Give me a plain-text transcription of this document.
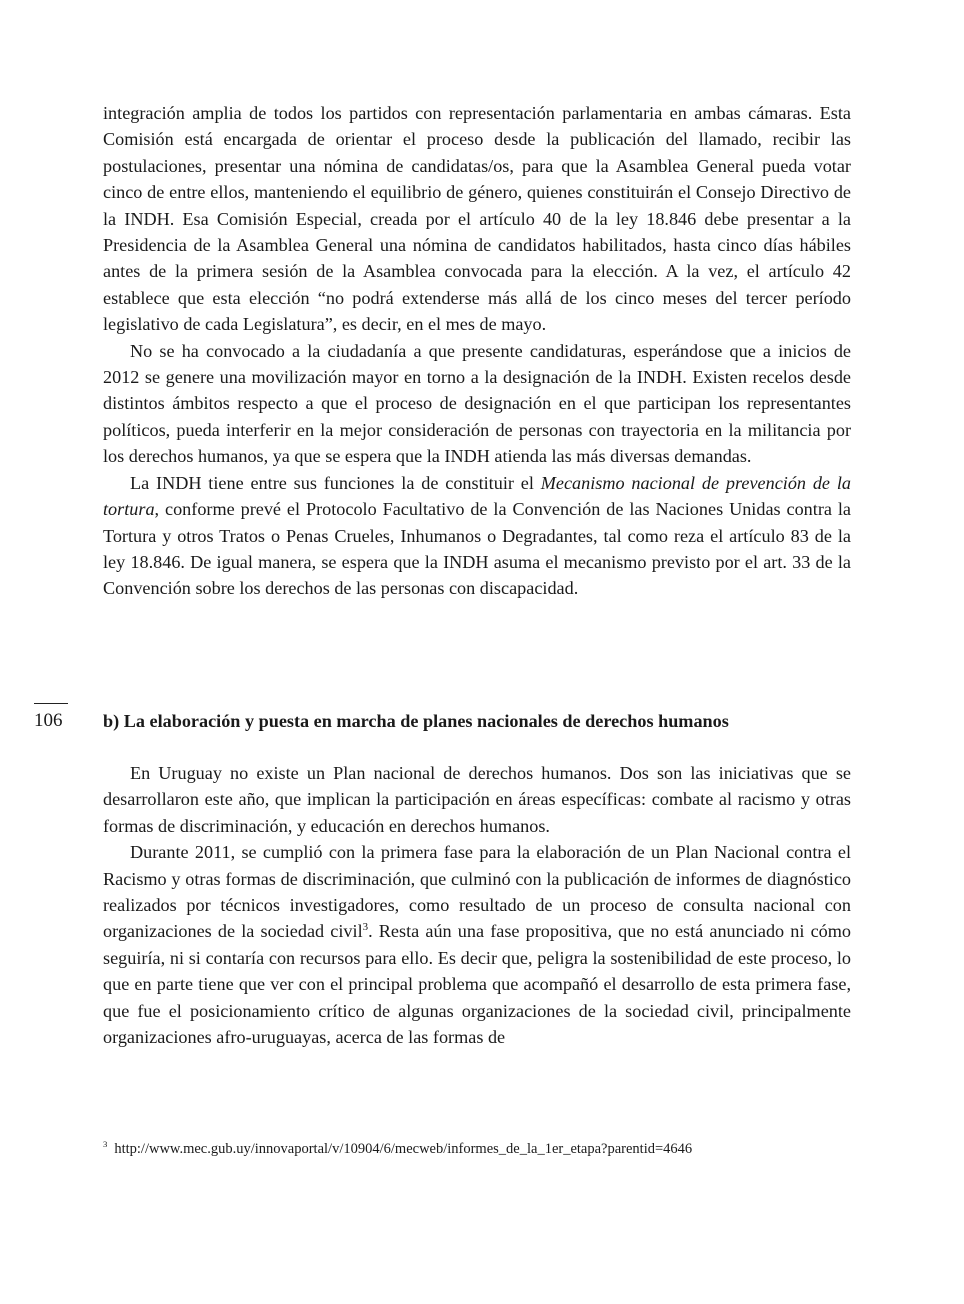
106

integración amplia de todos los partidos con representación parlamentaria en ambas cámaras. Esta Comisión está encargada de orientar el proceso desde la publicación del llamado, recibir las postulaciones, presentar una nómina de candidatas/os, para que la Asamblea General pueda votar cinco de entre ellos, manteniendo el equilibrio de género, quienes constituirán el Consejo Directivo de la INDH. Esa Comisión Especial, creada por el artículo 40 de la ley 18.846 debe presentar a la Presidencia de la Asamblea General una nómina de candidatos habilitados, hasta cinco días hábiles antes de la primera sesión de la Asamblea convocada para la elección. A la vez, el artículo 42 establece que esta elección “no podrá extenderse más allá de los cinco meses del tercer período legislativo de cada Legislatura”, es decir, en el mes de mayo.

No se ha convocado a la ciudadanía a que presente candidaturas, esperándose que a inicios de 2012 se genere una movilización mayor en torno a la designación de la INDH. Existen recelos desde distintos ámbitos respecto a que el proceso de designación en el que participan los representantes políticos, pueda interferir en la mejor consideración de personas con trayectoria en la militancia por los derechos humanos, ya que se espera que la INDH atienda las más diversas demandas.

La INDH tiene entre sus funciones la de constituir el Mecanismo nacional de prevención de la tortura, conforme prevé el Protocolo Facultativo de la Convención de las Naciones Unidas contra la Tortura y otros Tratos o Penas Crueles, Inhumanos o Degradantes, tal como reza el artículo 83 de la ley 18.846. De igual manera, se espera que la INDH asuma el mecanismo previsto por el art. 33 de la Convención sobre los derechos de las personas con discapacidad.

b) La elaboración y puesta en marcha de planes nacionales de derechos humanos

En Uruguay no existe un Plan nacional de derechos humanos. Dos son las iniciativas que se desarrollaron este año, que implican la participación en áreas específicas: combate al racismo y otras formas de discriminación, y educación en derechos humanos.

Durante 2011, se cumplió con la primera fase para la elaboración de un Plan Nacional contra el Racismo y otras formas de discriminación, que culminó con la publicación de informes de diagnóstico realizados por técnicos investigadores, como resultado de un proceso de consulta nacional con organizaciones de la sociedad civil$^3$. Resta aún una fase propositiva, que no está anunciado ni cómo seguiría, ni si contaría con recursos para ello. Es decir que, peligra la sostenibilidad de este proceso, lo que en parte tiene que ver con el principal problema que acompañó el desarrollo de esta primera fase, que fue el posicionamiento crítico de algunas organizaciones de la sociedad civil, principalmente organizaciones afro-uruguayas, acerca de las formas de

$^3$ http://www.mec.gub.uy/innovaportal/v/10904/6/mecweb/informes_de_la_1er_etapa?parentid=4646
